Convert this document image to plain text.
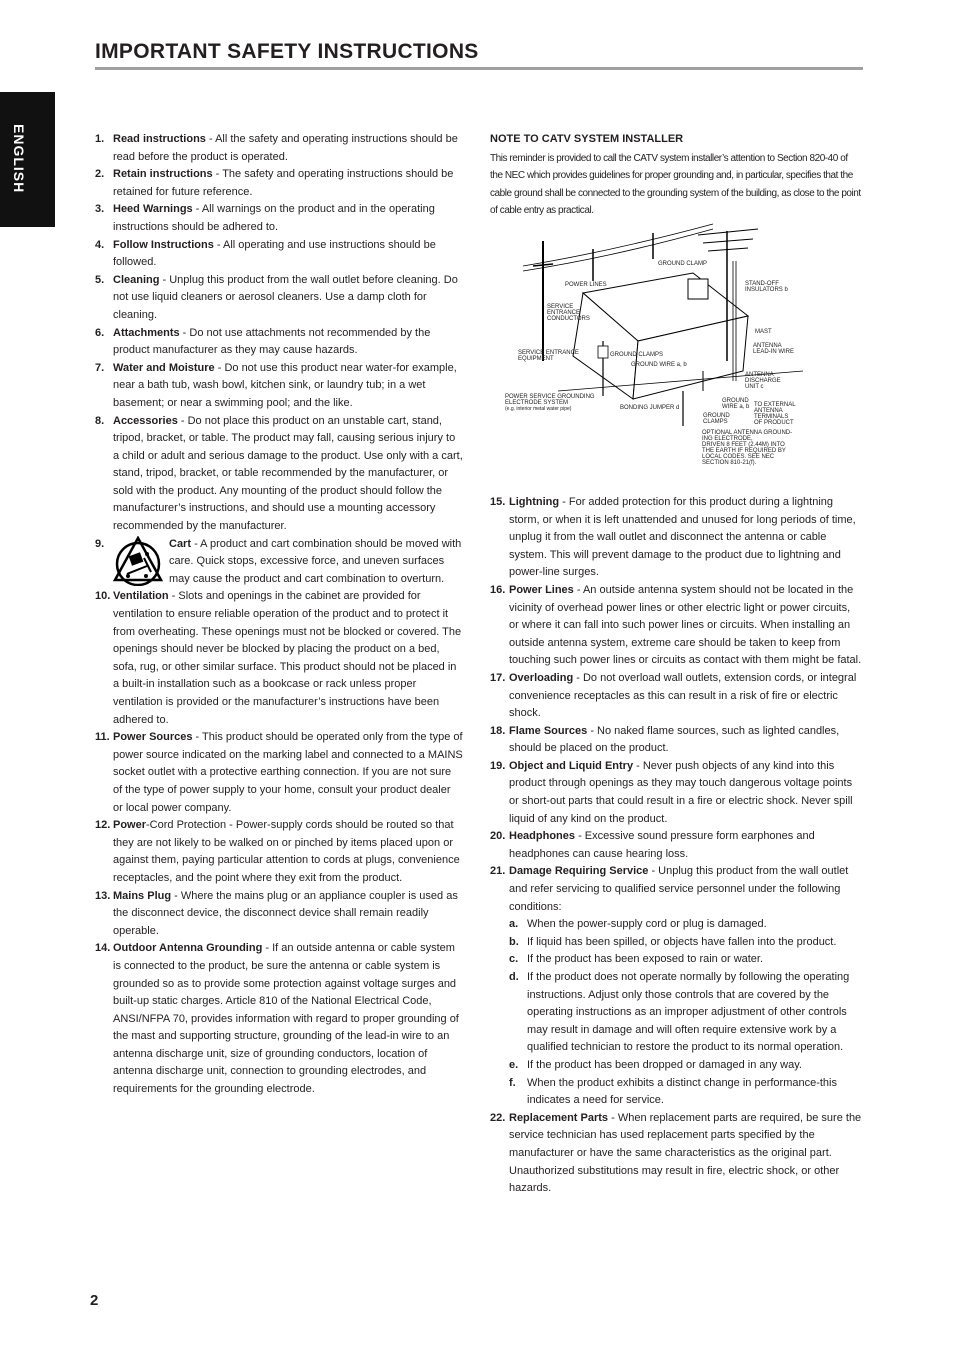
IMPORTANT SAFETY INSTRUCTIONS
ENGLISH	1. Read instructions - All the safety and operating instructions should be read before the product is operated.
2. Retain instructions - The safety and operating instructions should be retained for future reference.
3. Heed Warnings - All warnings on the product and in the operating instructions should be adhered to.
4. Follow Instructions - All operating and use instructions should be followed.
5. Cleaning - Unplug this product from the wall outlet before cleaning. Do not use liquid cleaners or aerosol cleaners. Use a damp cloth for cleaning.
6. Attachments - Do not use attachments not recommended by the product manufacturer as they may cause hazards.
7. Water and Moisture - Do not use this product near water-for example, near a bath tub, wash bowl, kitchen sink, or laundry tub; in a wet basement; or near a swimming pool; and the like.
8. Accessories - Do not place this product on an unstable cart, stand, tripod, bracket, or table. The product may fall, causing serious injury to a child or adult and serious damage to the product. Use only with a cart, stand, tripod, bracket, or table recommended by the manufacturer, or sold with the product. Any mounting of the product should follow the manufacturer’s instructions, and should use a mounting accessory recommended by the manufacturer.
9.	Cart - A product and cart combination should be moved with care. Quick stops, excessive force, and uneven surfaces may cause the product and cart combination to overturn.
10. Ventilation - Slots and openings in the cabinet are provided for ventilation to ensure reliable operation of the product and to protect it from overheating. These openings must not be blocked or covered. The openings should never be blocked by placing the product on a bed, sofa, rug, or other similar surface. This product should not be placed in a built-in installation such as a bookcase or rack unless proper ventilation is provided or the manufacturer’s instructions have been adhered to.
11. Power Sources - This product should be operated only from the type of power source indicated on the marking label and connected to a MAINS socket outlet with a protective earthing connection. If you are not sure of the type of power supply to your home, consult your product dealer or local power company.
12. Power-Cord Protection - Power-supply cords should be routed so that they are not likely to be walked on or pinched by items placed upon or against them, paying particular attention to cords at plugs, convenience receptacles, and the point where they exit from the product.
13. Mains Plug - Where the mains plug or an appliance coupler is used as the disconnect device, the disconnect device shall remain readily operable.
14. Outdoor Antenna Grounding - If an outside antenna or cable system is connected to the product, be sure the antenna or cable system is grounded so as to provide some protection against voltage surges and built-up static charges. Article 810 of the National Electrical Code, ANSI/NFPA 70, provides information with regard to proper grounding of the mast and supporting structure, grounding of the lead-in wire to an antenna discharge unit, size of grounding conductors, location of antenna discharge unit, connection to grounding electrodes, and requirements for the grounding electrode.

NOTE TO CATV SYSTEM INSTALLER

This reminder is provided to call the CATV system installer’s attention to Section 820-40 of the NEC which provides guidelines for proper grounding and, in particular, specifies that the cable ground shall be connected to the grounding system of the building, as close to the point of cable entry as practical.

15. Lightning - For added protection for this product during a lightning storm, or when it is left unattended and unused for long periods of time, unplug it from the wall outlet and disconnect the antenna or cable system. This will prevent damage to the product due to lightning and power-line surges.
16. Power Lines - An outside antenna system should not be located in the vicinity of overhead power lines or other electric light or power circuits, or where it can fall into such power lines or circuits. When installing an outside antenna system, extreme care should be taken to keep from touching such power lines or circuits as contact with them might be fatal.
17. Overloading - Do not overload wall outlets, extension cords, or integral convenience receptacles as this can result in a risk of fire or electric shock.
18. Flame Sources - No naked flame sources, such as lighted candles, should be placed on the product.
19. Object and Liquid Entry - Never push objects of any kind into this product through openings as they may touch dangerous voltage points or short-out parts that could result in a fire or electric shock. Never spill liquid of any kind on the product.
20. Headphones - Excessive sound pressure form earphones and headphones can cause hearing loss.
21. Damage Requiring Service - Unplug this product from the wall outlet and refer servicing to qualified service personnel under the following conditions:
a. When the power-supply cord or plug is damaged.
b. If liquid has been spilled, or objects have fallen into the product.
c. If the product has been exposed to rain or water.
d. If the product does not operate normally by following the operating instructions. Adjust only those controls that are covered by the operating instructions as an improper adjustment of other controls may result in damage and will often require extensive work by a qualified technician to restore the product to its normal operation.
e. If the product has been dropped or damaged in any way.
f.	When the product exhibits a distinct change in performance-this indicates a need for service.
22. Replacement Parts - When replacement parts are required, be sure the service technician has used replacement parts specified by the manufacturer or have the same characteristics as the original part. Unauthorized substitutions may result in fire, electric shock, or other hazards.
GROUND CLAMP
POWER LINES	STAND-OFF
INSULATORS b
SERVICE
ENTRANCE
CONDUCTORS
MAST
ANTENNA
LEAD-IN WIRE
SERVICE ENTRANCE
EQUIPMENT
GROUND CLAMPS
GROUND WIRE a, b
ANTENNA
DISCHARGE
UNIT c
POWER SERVICE GROUNDING
ELECTRODE SYSTEM
(e.g. interior metal water pipe)	BONDING JUMPER d
GROUND
WIRE a, b
GROUND
CLAMPS
TO EXTERNAL
ANTENNA
TERMINALS
OF PRODUCT
OPTIONAL ANTENNA GROUND-
ING ELECTRODE,
DRIVEN 8 FEET (2.44M) INTO
THE EARTH IF REQUIRED BY
LOCAL CODES. SEE NEC
SECTION 810-21(f).
2
